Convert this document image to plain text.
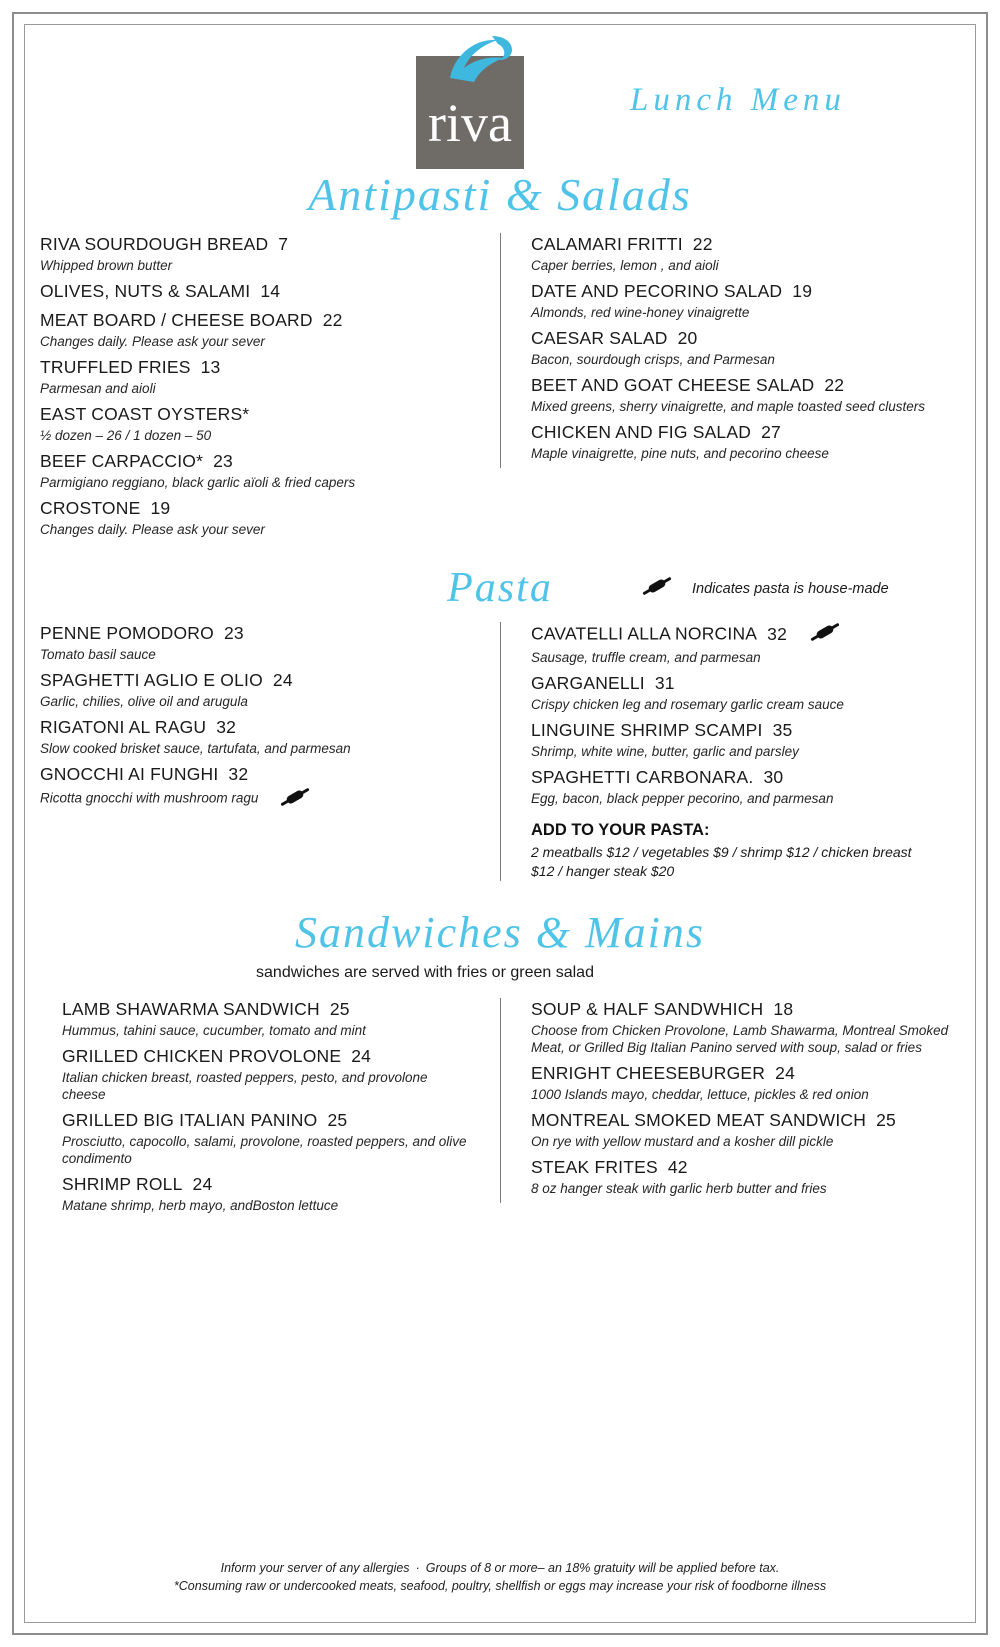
riva	Lunch Menu
Antipasti & Salads
RIVA SOURDOUGH BREAD 7
Whipped brown butter
OLIVES, NUTS & SALAMI 14
MEAT BOARD / CHEESE BOARD 22
Changes daily. Please ask your sever
TRUFFLED FRIES 13
Parmesan and aioli
EAST COAST OYSTERS*
½ dozen – 26 / 1 dozen – 50
BEEF CARPACCIO* 23
Parmigiano reggiano, black garlic aïoli & fried capers
CROSTONE 19
Changes daily. Please ask your sever
CALAMARI FRITTI 22
Caper berries, lemon , and aioli
DATE AND PECORINO SALAD 19
Almonds, red wine-honey vinaigrette
CAESAR SALAD 20
Bacon, sourdough crisps, and Parmesan
BEET AND GOAT CHEESE SALAD 22
Mixed greens, sherry vinaigrette, and maple toasted seed clusters
CHICKEN AND FIG SALAD 27
Maple vinaigrette, pine nuts, and pecorino cheese
Pasta	Indicates pasta is house-made
PENNE POMODORO 23
Tomato basil sauce
SPAGHETTI AGLIO E OLIO 24
Garlic, chilies, olive oil and arugula
RIGATONI AL RAGU 32
Slow cooked brisket sauce, tartufata, and parmesan
GNOCCHI AI FUNGHI 32
Ricotta gnocchi with mushroom ragu
CAVATELLI ALLA NORCINA 32
Sausage, truffle cream, and parmesan
GARGANELLI 31
Crispy chicken leg and rosemary garlic cream sauce
LINGUINE SHRIMP SCAMPI 35
Shrimp, white wine, butter, garlic and parsley
SPAGHETTI CARBONARA. 30
Egg, bacon, black pepper pecorino, and parmesan
ADD TO YOUR PASTA:
2 meatballs $12 / vegetables $9 / shrimp $12 / chicken breast $12 / hanger steak $20
Sandwiches & Mains
sandwiches are served with fries or green salad
LAMB SHAWARMA SANDWICH 25
Hummus, tahini sauce, cucumber, tomato and mint
GRILLED CHICKEN PROVOLONE 24
Italian chicken breast, roasted peppers, pesto, and provolone cheese
GRILLED BIG ITALIAN PANINO 25
Prosciutto, capocollo, salami, provolone, roasted peppers, and olive condimento
SHRIMP ROLL 24
Matane shrimp, herb mayo, andBoston lettuce
SOUP & HALF SANDWHICH 18
Choose from Chicken Provolone, Lamb Shawarma, Montreal Smoked Meat, or Grilled Big Italian Panino served with soup, salad or fries
ENRIGHT CHEESEBURGER 24
1000 Islands mayo, cheddar, lettuce, pickles & red onion
MONTREAL SMOKED MEAT SANDWICH 25
On rye with yellow mustard and a kosher dill pickle
STEAK FRITES 42
8 oz hanger steak with garlic herb butter and fries
Inform your server of any allergies · Groups of 8 or more– an 18% gratuity will be applied before tax.
*Consuming raw or undercooked meats, seafood, poultry, shellfish or eggs may increase your risk of foodborne illness
